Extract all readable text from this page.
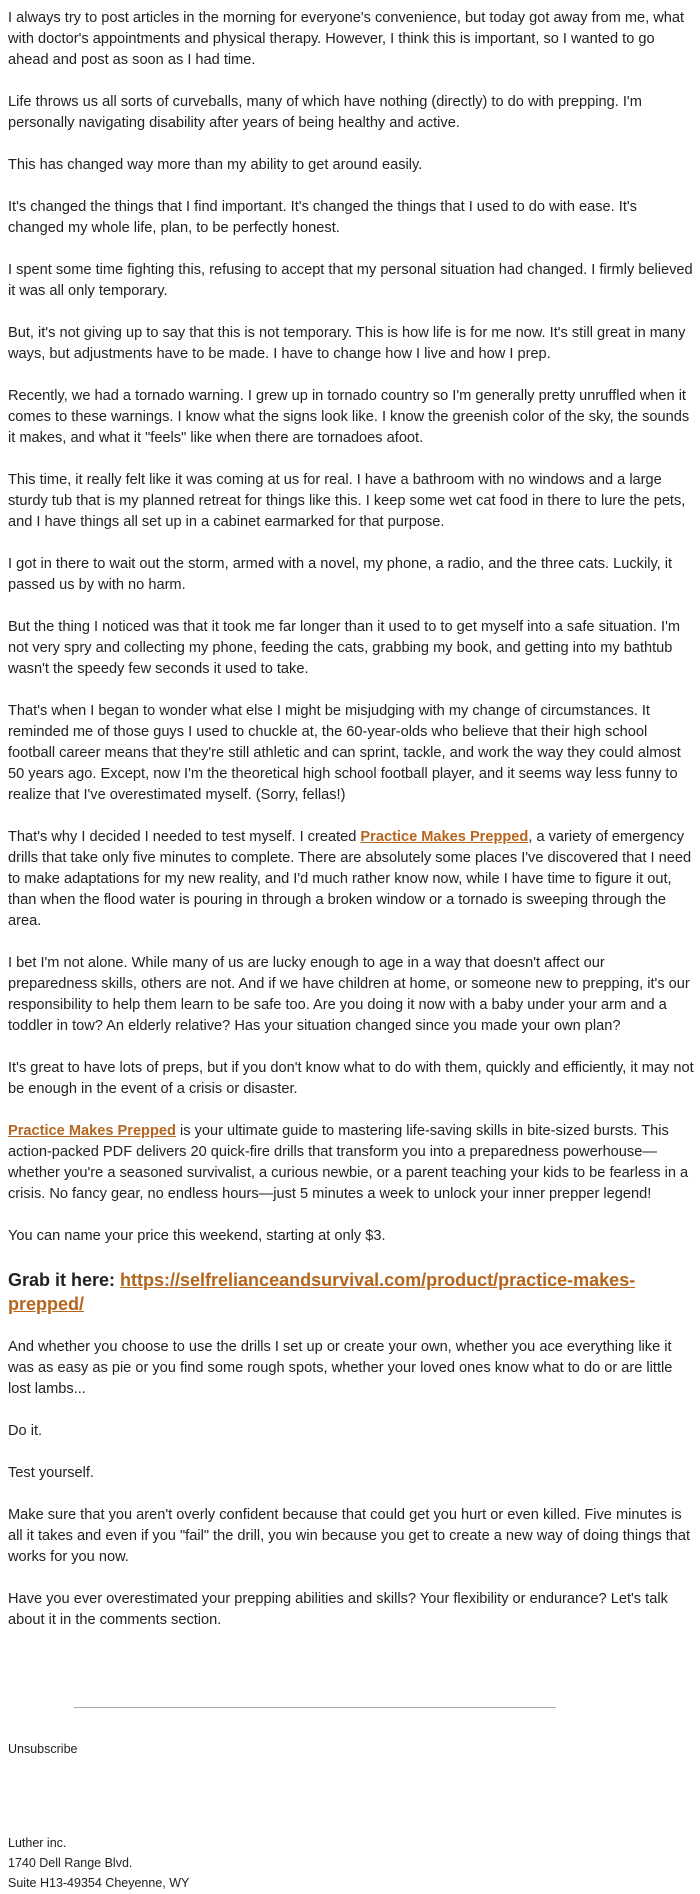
I always try to post articles in the morning for everyone's convenience, but today got away from me, what with doctor's appointments and physical therapy. However, I think this is important, so I wanted to go ahead and post as soon as I had time.

Life throws us all sorts of curveballs, many of which have nothing (directly) to do with prepping. I'm personally navigating disability after years of being healthy and active.

This has changed way more than my ability to get around easily.

It's changed the things that I find important. It's changed the things that I used to do with ease. It's changed my whole life, plan, to be perfectly honest.

I spent some time fighting this, refusing to accept that my personal situation had changed. I firmly believed it was all only temporary.

But, it's not giving up to say that this is not temporary. This is how life is for me now. It's still great in many ways, but adjustments have to be made. I have to change how I live and how I prep.

Recently, we had a tornado warning. I grew up in tornado country so I'm generally pretty unruffled when it comes to these warnings. I know what the signs look like. I know the greenish color of the sky, the sounds it makes, and what it "feels" like when there are tornadoes afoot.

This time, it really felt like it was coming at us for real. I have a bathroom with no windows and a large sturdy tub that is my planned retreat for things like this. I keep some wet cat food in there to lure the pets, and I have things all set up in a cabinet earmarked for that purpose.

I got in there to wait out the storm, armed with a novel, my phone, a radio, and the three cats. Luckily, it passed us by with no harm.

But the thing I noticed was that it took me far longer than it used to to get myself into a safe situation. I'm not very spry and collecting my phone, feeding the cats, grabbing my book, and getting into my bathtub wasn't the speedy few seconds it used to take.

That's when I began to wonder what else I might be misjudging with my change of circumstances. It reminded me of those guys I used to chuckle at, the 60-year-olds who believe that their high school football career means that they're still athletic and can sprint, tackle, and work the way they could almost 50 years ago. Except, now I'm the theoretical high school football player, and it seems way less funny to realize that I've overestimated myself. (Sorry, fellas!)

That's why I decided I needed to test myself. I created Practice Makes Prepped, a variety of emergency drills that take only five minutes to complete. There are absolutely some places I've discovered that I need to make adaptations for my new reality, and I'd much rather know now, while I have time to figure it out, than when the flood water is pouring in through a broken window or a tornado is sweeping through the area.

I bet I'm not alone. While many of us are lucky enough to age in a way that doesn't affect our preparedness skills, others are not. And if we have children at home, or someone new to prepping, it's our responsibility to help them learn to be safe too. Are you doing it now with a baby under your arm and a toddler in tow? An elderly relative? Has your situation changed since you made your own plan?

It's great to have lots of preps, but if you don't know what to do with them, quickly and efficiently, it may not be enough in the event of a crisis or disaster.

Practice Makes Prepped is your ultimate guide to mastering life-saving skills in bite-sized bursts. This action-packed PDF delivers 20 quick-fire drills that transform you into a preparedness powerhouse—whether you're a seasoned survivalist, a curious newbie, or a parent teaching your kids to be fearless in a crisis. No fancy gear, no endless hours—just 5 minutes a week to unlock your inner prepper legend!

You can name your price this weekend, starting at only $3.

Grab it here: https://selfrelianceandsurvival.com/product/practice-makes-prepped/

And whether you choose to use the drills I set up or create your own, whether you ace everything like it was as easy as pie or you find some rough spots, whether your loved ones know what to do or are little lost lambs...

Do it.

Test yourself.

Make sure that you aren't overly confident because that could get you hurt or even killed. Five minutes is all it takes and even if you "fail" the drill, you win because you get to create a new way of doing things that works for you now.

Have you ever overestimated your prepping abilities and skills? Your flexibility or endurance? Let's talk about it in the comments section.

Unsubscribe
Luther inc.
1740 Dell Range Blvd.
Suite H13-49354 Cheyenne, WY
